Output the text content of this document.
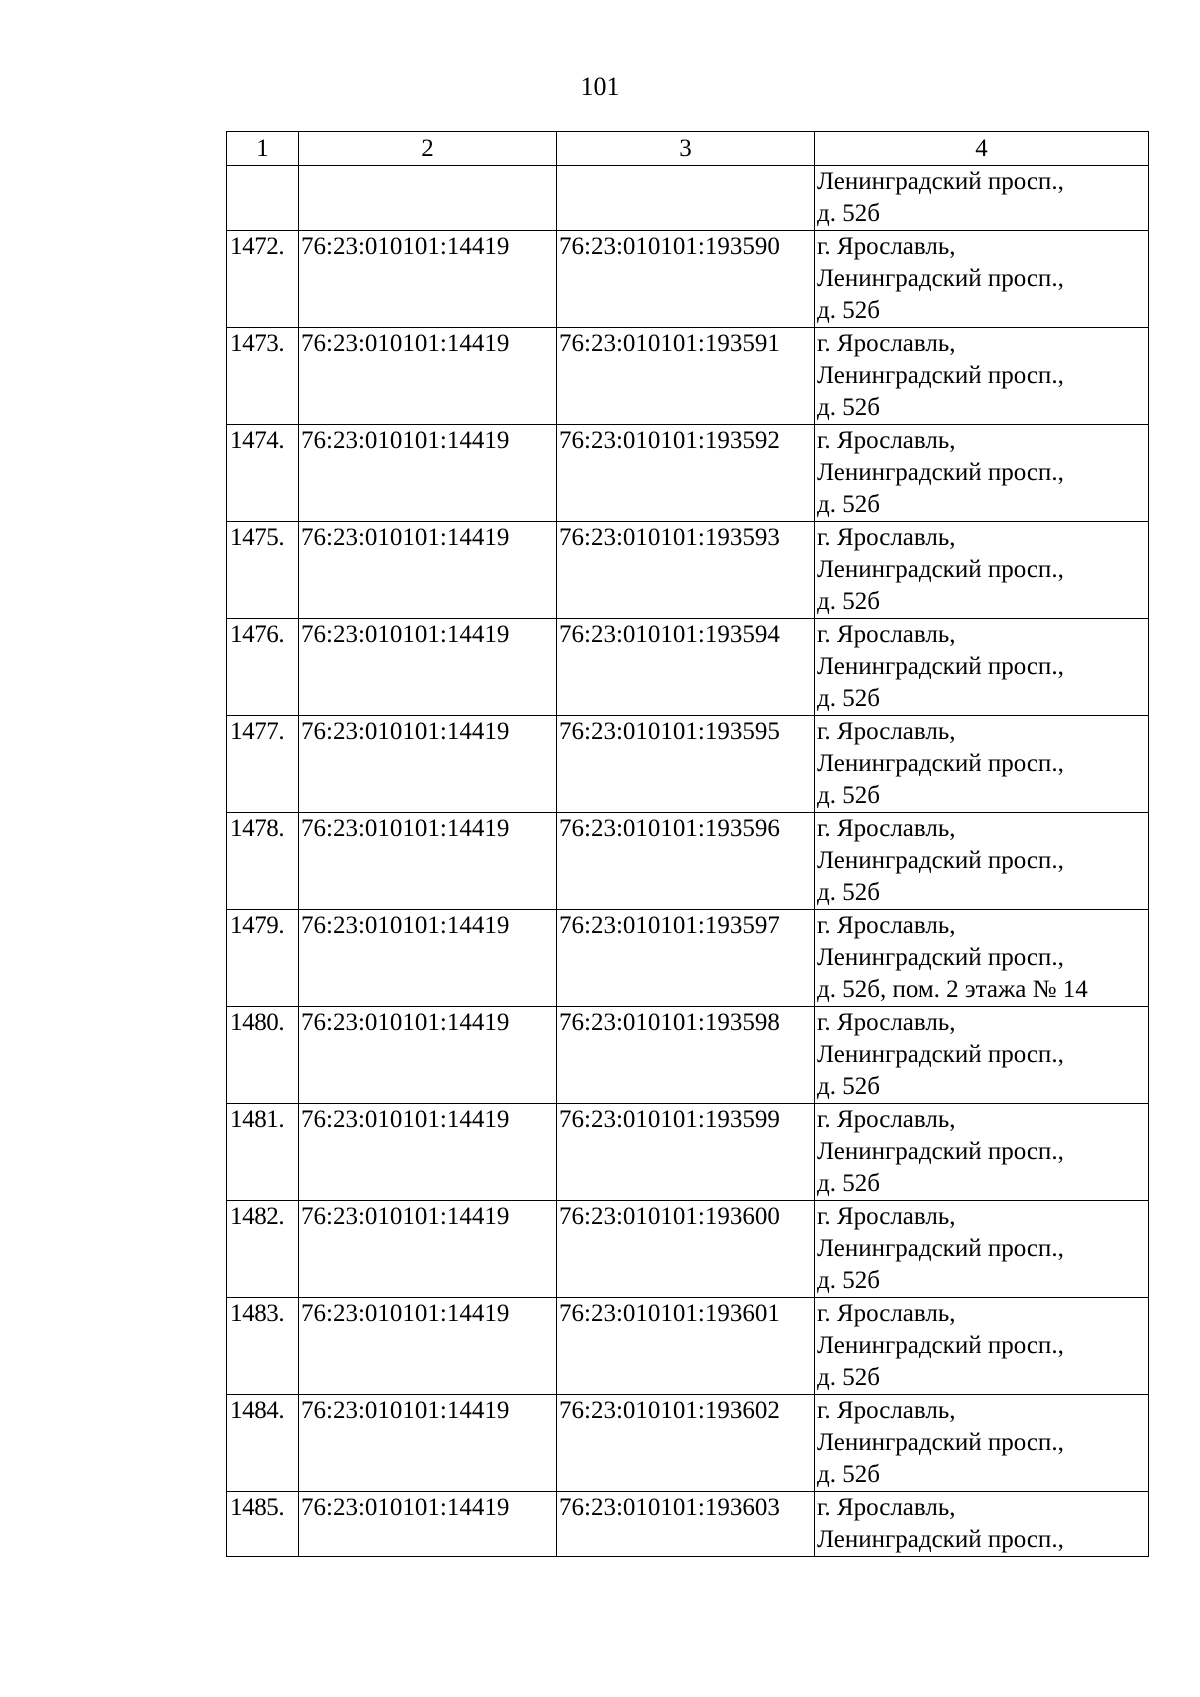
101
1	2	3	4

			Ленинградский просп.,
д. 52б

1472.	76:23:010101:14419	76:23:010101:193590	г. Ярославль,
Ленинградский просп.,
д. 52б

1473.	76:23:010101:14419	76:23:010101:193591	г. Ярославль,
Ленинградский просп.,
д. 52б

1474.	76:23:010101:14419	76:23:010101:193592	г. Ярославль,
Ленинградский просп.,
д. 52б

1475.	76:23:010101:14419	76:23:010101:193593	г. Ярославль,
Ленинградский просп.,
д. 52б

1476.	76:23:010101:14419	76:23:010101:193594	г. Ярославль,
Ленинградский просп.,
д. 52б

1477.	76:23:010101:14419	76:23:010101:193595	г. Ярославль,
Ленинградский просп.,
д. 52б

1478.	76:23:010101:14419	76:23:010101:193596	г. Ярославль,
Ленинградский просп.,
д. 52б

1479.	76:23:010101:14419	76:23:010101:193597	г. Ярославль,
Ленинградский просп.,
д. 52б, пом. 2 этажа № 14

1480.	76:23:010101:14419	76:23:010101:193598	г. Ярославль,
Ленинградский просп.,
д. 52б

1481.	76:23:010101:14419	76:23:010101:193599	г. Ярославль,
Ленинградский просп.,
д. 52б

1482.	76:23:010101:14419	76:23:010101:193600	г. Ярославль,
Ленинградский просп.,
д. 52б

1483.	76:23:010101:14419	76:23:010101:193601	г. Ярославль,
Ленинградский просп.,
д. 52б

1484.	76:23:010101:14419	76:23:010101:193602	г. Ярославль,
Ленинградский просп.,
д. 52б

1485.	76:23:010101:14419	76:23:010101:193603	г. Ярославль,
Ленинградский просп.,
